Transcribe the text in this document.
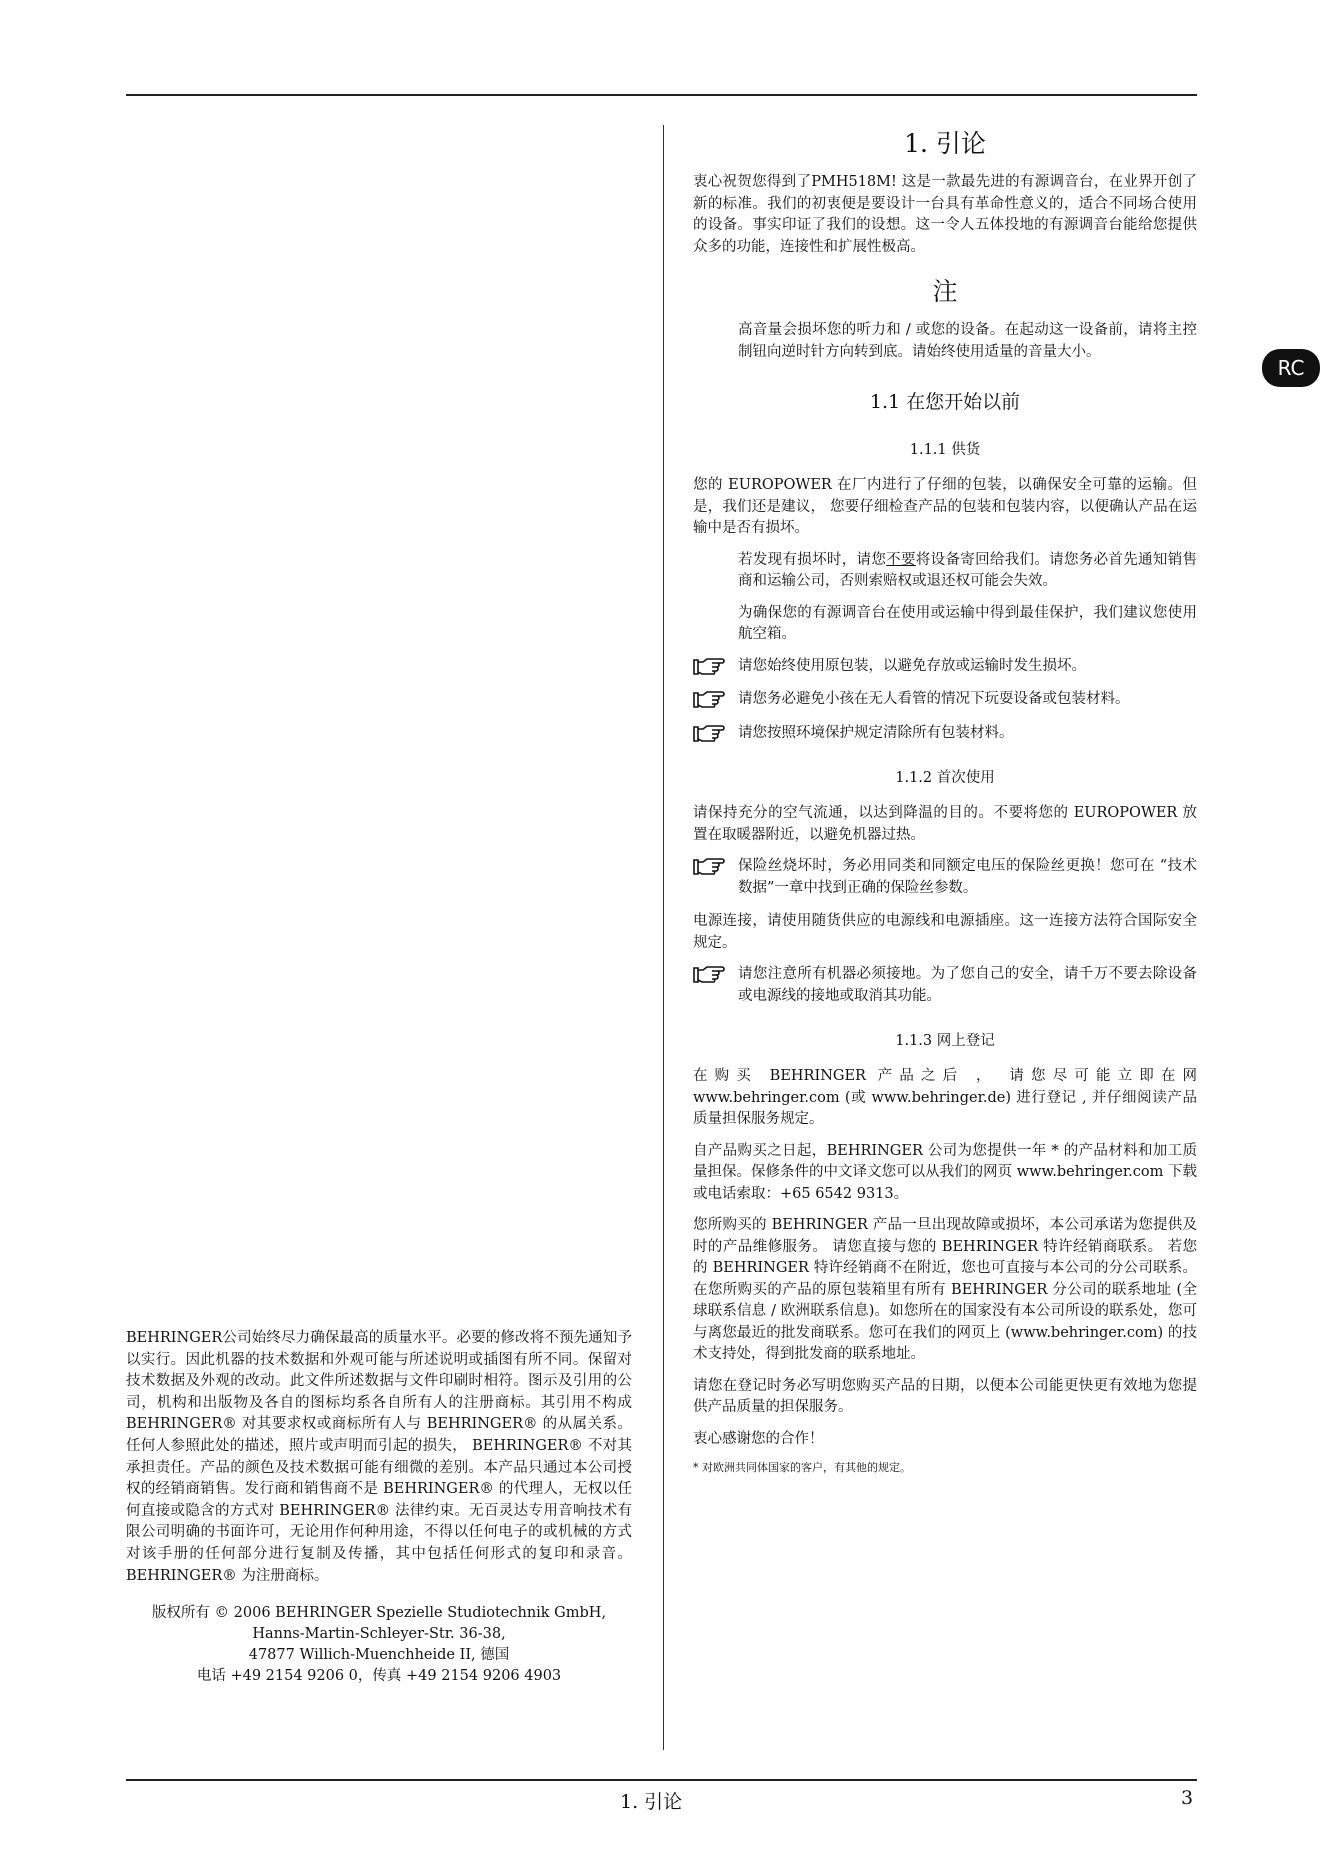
RC

BEHRINGER公司始终尽力确保最高的质量水平。必要的修改将不预先通知予以实行。因此机器的技术数据和外观可能与所述说明或插图有所不同。保留对技术数据及外观的改动。此文件所述数据与文件印刷时相符。图示及引用的公司，机构和出版物及各自的图标均系各自所有人的注册商标。其引用不构成 BEHRINGER® 对其要求权或商标所有人与 BEHRINGER® 的从属关系。任何人参照此处的描述，照片或声明而引起的损失， BEHRINGER® 不对其承担责任。产品的颜色及技术数据可能有细微的差别。本产品只通过本公司授权的经销商销售。发行商和销售商不是 BEHRINGER® 的代理人，无权以任何直接或隐含的方式对 BEHRINGER® 法律约束。无百灵达专用音响技术有限公司明确的书面许可，无论用作何种用途，不得以任何电子的或机械的方式对该手册的任何部分进行复制及传播，其中包括任何形式的复印和录音。 BEHRINGER® 为注册商标。

版权所有 © 2006 BEHRINGER Spezielle Studiotechnik GmbH,
Hanns-Martin-Schleyer-Str. 36-38,
47877 Willich-Muenchheide II, 德国
电话 +49 2154 9206 0，传真 +49 2154 9206 4903
1. 引论

衷心祝贺您得到了PMH518M! 这是一款最先进的有源调音台，在业界开创了新的标准。我们的初衷便是要设计一台具有革命性意义的，适合不同场合使用的设备。事实印证了我们的设想。这一令人五体投地的有源调音台能给您提供众多的功能，连接性和扩展性极高。

注

高音量会损坏您的听力和 / 或您的设备。在起动这一设备前，请将主控制钮向逆时针方向转到底。请始终使用适量的音量大小。

1.1 在您开始以前
1.1.1 供货

您的 EUROPOWER 在厂内进行了仔细的包装，以确保安全可靠的运输。但是，我们还是建议， 您要仔细检查产品的包装和包装内容，以便确认产品在运输中是否有损坏。

若发现有损坏时，请您不要将设备寄回给我们。请您务必首先通知销售商和运输公司，否则索赔权或退还权可能会失效。

为确保您的有源调音台在使用或运输中得到最佳保护，我们建议您使用航空箱。

请您始终使用原包装，以避免存放或运输时发生损坏。
请您务必避免小孩在无人看管的情况下玩耍设备或包装材料。
请您按照环境保护规定清除所有包装材料。
1.1.2 首次使用

请保持充分的空气流通，以达到降温的目的。不要将您的 EUROPOWER 放置在取暖器附近，以避免机器过热。

保险丝烧坏时，务必用同类和同额定电压的保险丝更换！您可在 “技术数据”一章中找到正确的保险丝参数。

电源连接，请使用随货供应的电源线和电源插座。这一连接方法符合国际安全规定。

请您注意所有机器必须接地。为了您自己的安全，请千万不要去除设备或电源线的接地或取消其功能。
1.1.3 网上登记

在购买 BEHRINGER 产品之后 ， 请您尽可能立即在网 www.behringer.com (或 www.behringer.de) 进行登记 , 并仔细阅读产品质量担保服务规定。

自产品购买之日起，BEHRINGER 公司为您提供一年 * 的产品材料和加工质量担保。保修条件的中文译文您可以从我们的网页 www.behringer.com 下载或电话索取：+65 6542 9313。

您所购买的 BEHRINGER 产品一旦出现故障或损坏，本公司承诺为您提供及时的产品维修服务。 请您直接与您的 BEHRINGER 特许经销商联系。 若您的 BEHRINGER 特许经销商不在附近，您也可直接与本公司的分公司联系。在您所购买的产品的原包装箱里有所有 BEHRINGER 分公司的联系地址 (全球联系信息 / 欧洲联系信息)。如您所在的国家没有本公司所设的联系处，您可与离您最近的批发商联系。您可在我们的网页上 (www.behringer.com) 的技术支持处，得到批发商的联系地址。

请您在登记时务必写明您购买产品的日期，以便本公司能更快更有效地为您提供产品质量的担保服务。

衷心感谢您的合作！

* 对欧洲共同体国家的客户，有其他的规定。
1. 引论	3
